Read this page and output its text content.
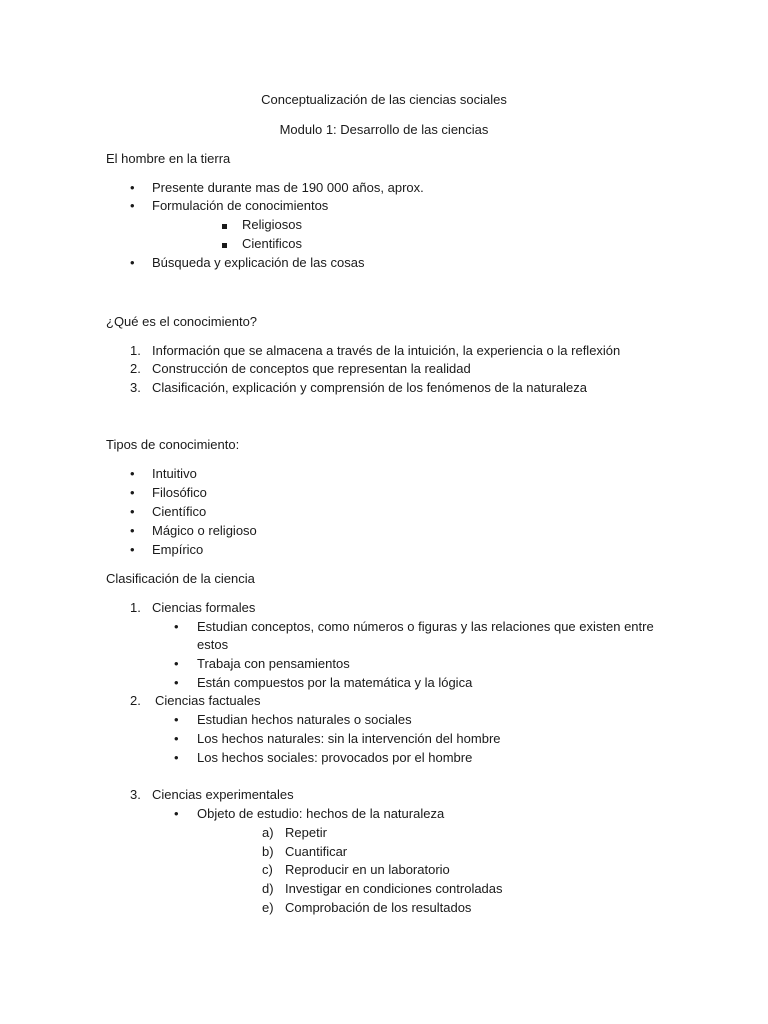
Conceptualización de las ciencias sociales
Modulo 1: Desarrollo de las ciencias
El hombre en la tierra
• Presente durante mas de 190 000 años, aprox.
• Formulación de conocimientos
Religiosos
Cientificos
• Búsqueda y explicación de las cosas
¿Qué es el conocimiento?
1. Información que se almacena a través de la intuición, la experiencia o la reflexión
2. Construcción de conceptos que representan la realidad
3. Clasificación, explicación y comprensión de los fenómenos de la naturaleza
Tipos de conocimiento:
• Intuitivo
• Filosófico
• Científico
• Mágico o religioso
• Empírico
Clasificación de la ciencia
1. Ciencias formales
• Estudian conceptos, como números o figuras y las relaciones que existen entre
estos
• Trabaja con pensamientos
• Están compuestos por la matemática y la lógica
2. Ciencias factuales
• Estudian hechos naturales o sociales
• Los hechos naturales: sin la intervención del hombre
• Los hechos sociales: provocados por el hombre
3. Ciencias experimentales
• Objeto de estudio: hechos de la naturaleza
a) Repetir
b) Cuantificar
c) Reproducir en un laboratorio
d) Investigar en condiciones controladas
e) Comprobación de los resultados
